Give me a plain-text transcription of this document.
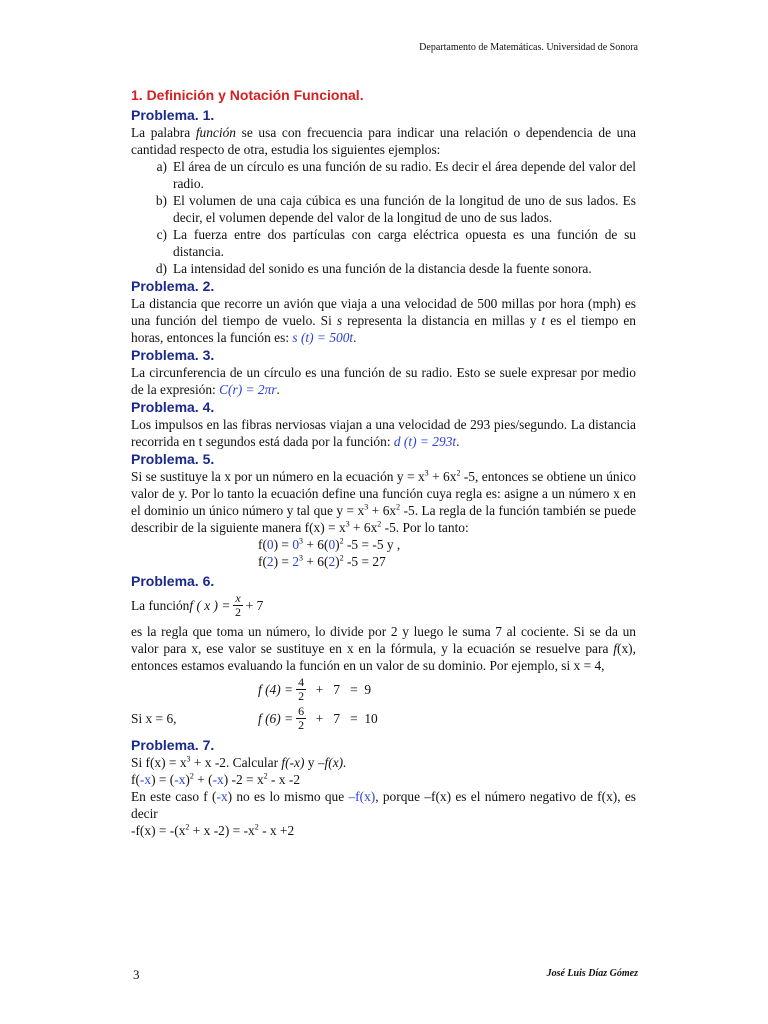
Departamento de Matemáticas. Universidad de Sonora
1. Definición y Notación Funcional.
Problema. 1.

La palabra función se usa con frecuencia para indicar una relación o dependencia de una cantidad respecto de otra, estudia los siguientes ejemplos:

a) El área de un círculo es una función de su radio. Es decir el área depende del valor del radio.
b) El volumen de una caja cúbica es una función de la longitud de uno de sus lados. Es decir, el volumen depende del valor de la longitud de uno de sus lados.
c) La fuerza entre dos partículas con carga eléctrica opuesta es una función de su distancia.
d) La intensidad del sonido es una función de la distancia desde la fuente sonora.
Problema. 2.

La distancia que recorre un avión que viaja a una velocidad de 500 millas por hora (mph) es una función del tiempo de vuelo. Si s representa la distancia en millas y t es el tiempo en horas, entonces la función es: s (t) = 500t.

Problema. 3.

La circunferencia de un círculo es una función de su radio. Esto se suele expresar por medio de la expresión: C(r) = 2πr.

Problema. 4.

Los impulsos en las fibras nerviosas viajan a una velocidad de 293 pies/segundo. La distancia recorrida en t segundos está dada por la función: d (t) = 293t.

Problema. 5.

Si se sustituye la x por un número en la ecuación $y = x^3 + 6x^2$ -5, entonces se obtiene un único valor de y. Por lo tanto la ecuación define una función cuya regla es: asigne a un número x en el dominio un único número y tal que $y = x^3 + 6x^2$ -5. La regla de la función también se puede describir de la siguiente manera $f(x) = x^3 + 6x^2$ -5. Por lo tanto:

$f(0) = 0^3 + 6(0)^2$ -5 = -5 y ,
$f(2) = 2^3 + 6(2)^2$ -5 = 27
Problema. 6.
La función f ( x ) = $\frac{x}{2} + 7$

es la regla que toma un número, lo divide por 2 y luego le suma 7 al cociente. Si se da un valor para x, ese valor se sustituye en x en la fórmula, y la ecuación se resuelve para f(x), entonces estamos evaluando la función en un valor de su dominio. Por ejemplo, si x = 4,

f $(4) = \frac{4}{2} + 7 = 9$
Si x = 6,	f $(6) = \frac{6}{2} + 7 = 10$
Problema. 7.
Si $f(x) = x^3 + x$ -2. Calcular f(-x) y –f(x).
$f(-x) = (-x)^2 + (-x) -2 = x^2 - x$ -2

En este caso f (-x) no es lo mismo que –f(x), porque –f(x) es el número negativo de f(x), es decir

$-f(x) = -(x^2 + x$ $-2) = -x^2 - x +2$
3	José Luis Díaz Gómez
